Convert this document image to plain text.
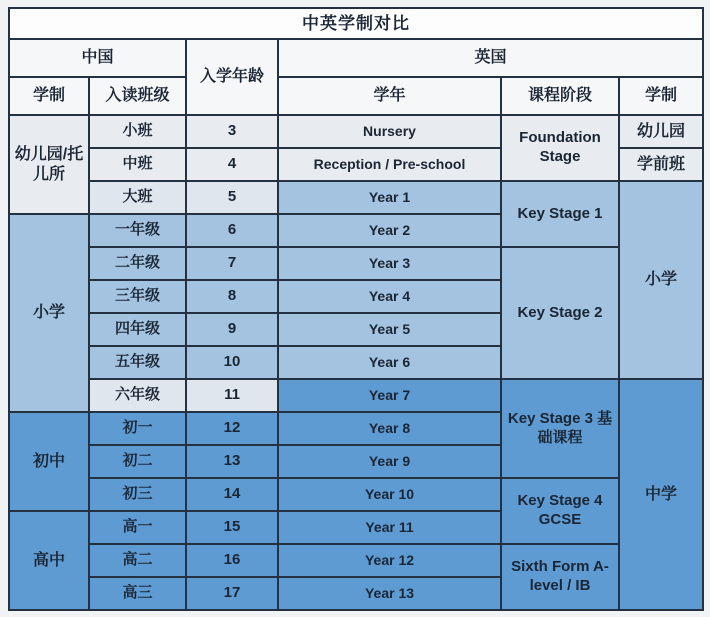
中英学制对比					
中国		入学年龄	英国		
学制	入读班级		学年	课程阶段	学制
幼儿园/托儿所	小班	3	Nursery	Foundation Stage	幼儿园
	中班	4	Reception / Pre-school		学前班
	大班	5	Year 1	Key Stage 1	小学
小学	一年级	6	Year 2		
	二年级	7	Year 3	Key Stage 2	
	三年级	8	Year 4		
	四年级	9	Year 5		
	五年级	10	Year 6		
	六年级	11	Year 7	Key Stage 3 基础课程	中学
初中	初一	12	Year 8		
	初二	13	Year 9		
	初三	14	Year 10	Key Stage 4 GCSE	
高中	高一	15	Year 11		
	高二	16	Year 12	Sixth Form A-level / IB	
	高三	17	Year 13		
